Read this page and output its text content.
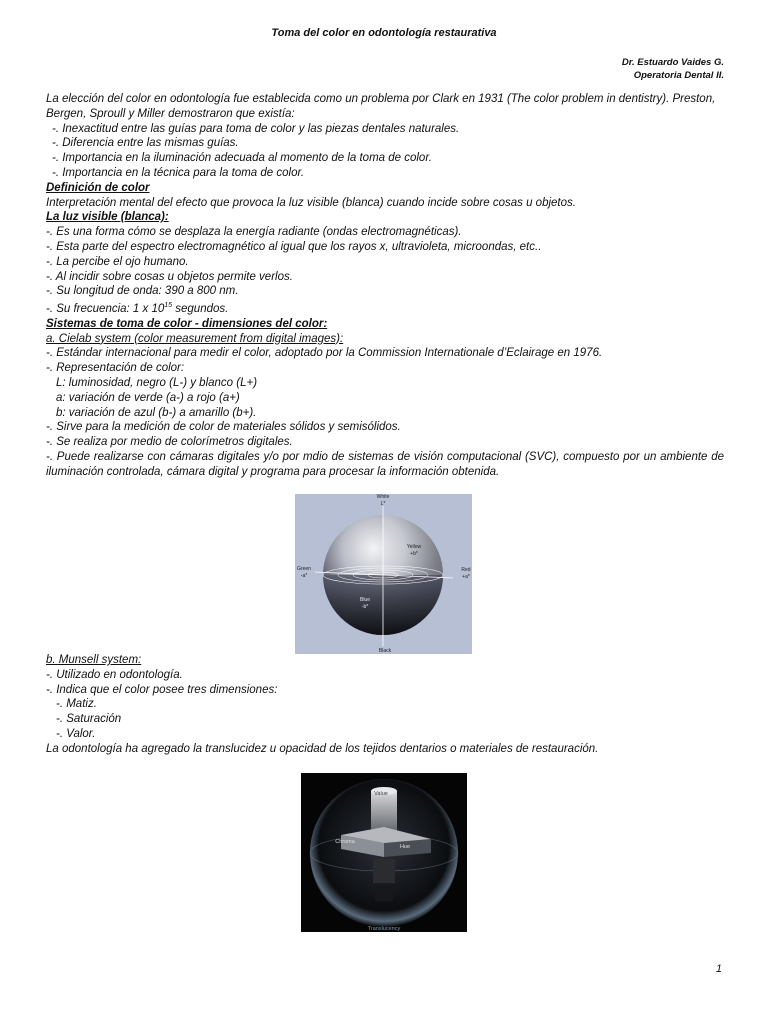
Toma del color en odontología restaurativa
Dr. Estuardo Vaides G.
Operatoria Dental II.

La elección del color en odontología fue establecida como un problema por Clark en 1931 (The color problem in dentistry). Preston, Bergen, Sproull y Miller demostraron que existía:

-. Inexactitud entre las guías para toma de color y las piezas dentales naturales.

-. Diferencia entre las mismas guías.

-. Importancia en la iluminación adecuada al momento de la toma de color.

-. Importancia en la técnica para la toma de color.

Definición de color

Interpretación mental del efecto que provoca la luz visible (blanca) cuando incide sobre cosas u objetos.

La luz visible (blanca):

-. Es una forma cómo se desplaza la energía radiante (ondas electromagnéticas).

-. Esta parte del espectro electromagnético al igual que los rayos x, ultravioleta, microondas, etc..

-. La percibe el ojo humano.

-. Al incidir sobre cosas u objetos permite verlos.

-. Su longitud de onda: 390 a 800 nm.

-. Su frecuencia: 1 x $10^{15}$ segundos.

Sistemas de toma de color - dimensiones del color:

a. Cielab system (color measurement from digital images):

-. Estándar internacional para medir el color, adoptado por la Commission Internationale d’Eclairage en 1976.

-. Representación de color:

L: luminosidad, negro (L-) y blanco (L+)

a: variación de verde (a-) a rojo (a+)

b: variación de azul (b-) a amarillo (b+).

-. Sirve para la medición de color de materiales sólidos y semisólidos.

-. Se realiza por medio de colorímetros digitales.

-. Puede realizarse con cámaras digitales y/o por mdio de sistemas de visión computacional (SVC), compuesto por un ambiente de iluminación controlada, cámara digital y programa para procesar la información obtenida.

White
L*
Yellow
+b*
Green
-a*
Red
+a*
Blue
-b*
Black

b. Munsell system:

-. Utilizado en odontología.

-. Indica que el color posee tres dimensiones:

-. Matiz.

-. Saturación

-. Valor.

La odontología ha agregado la translucidez u opacidad de los tejidos dentarios o materiales de restauración.

Value
Chroma
Hue
Translucency
1
